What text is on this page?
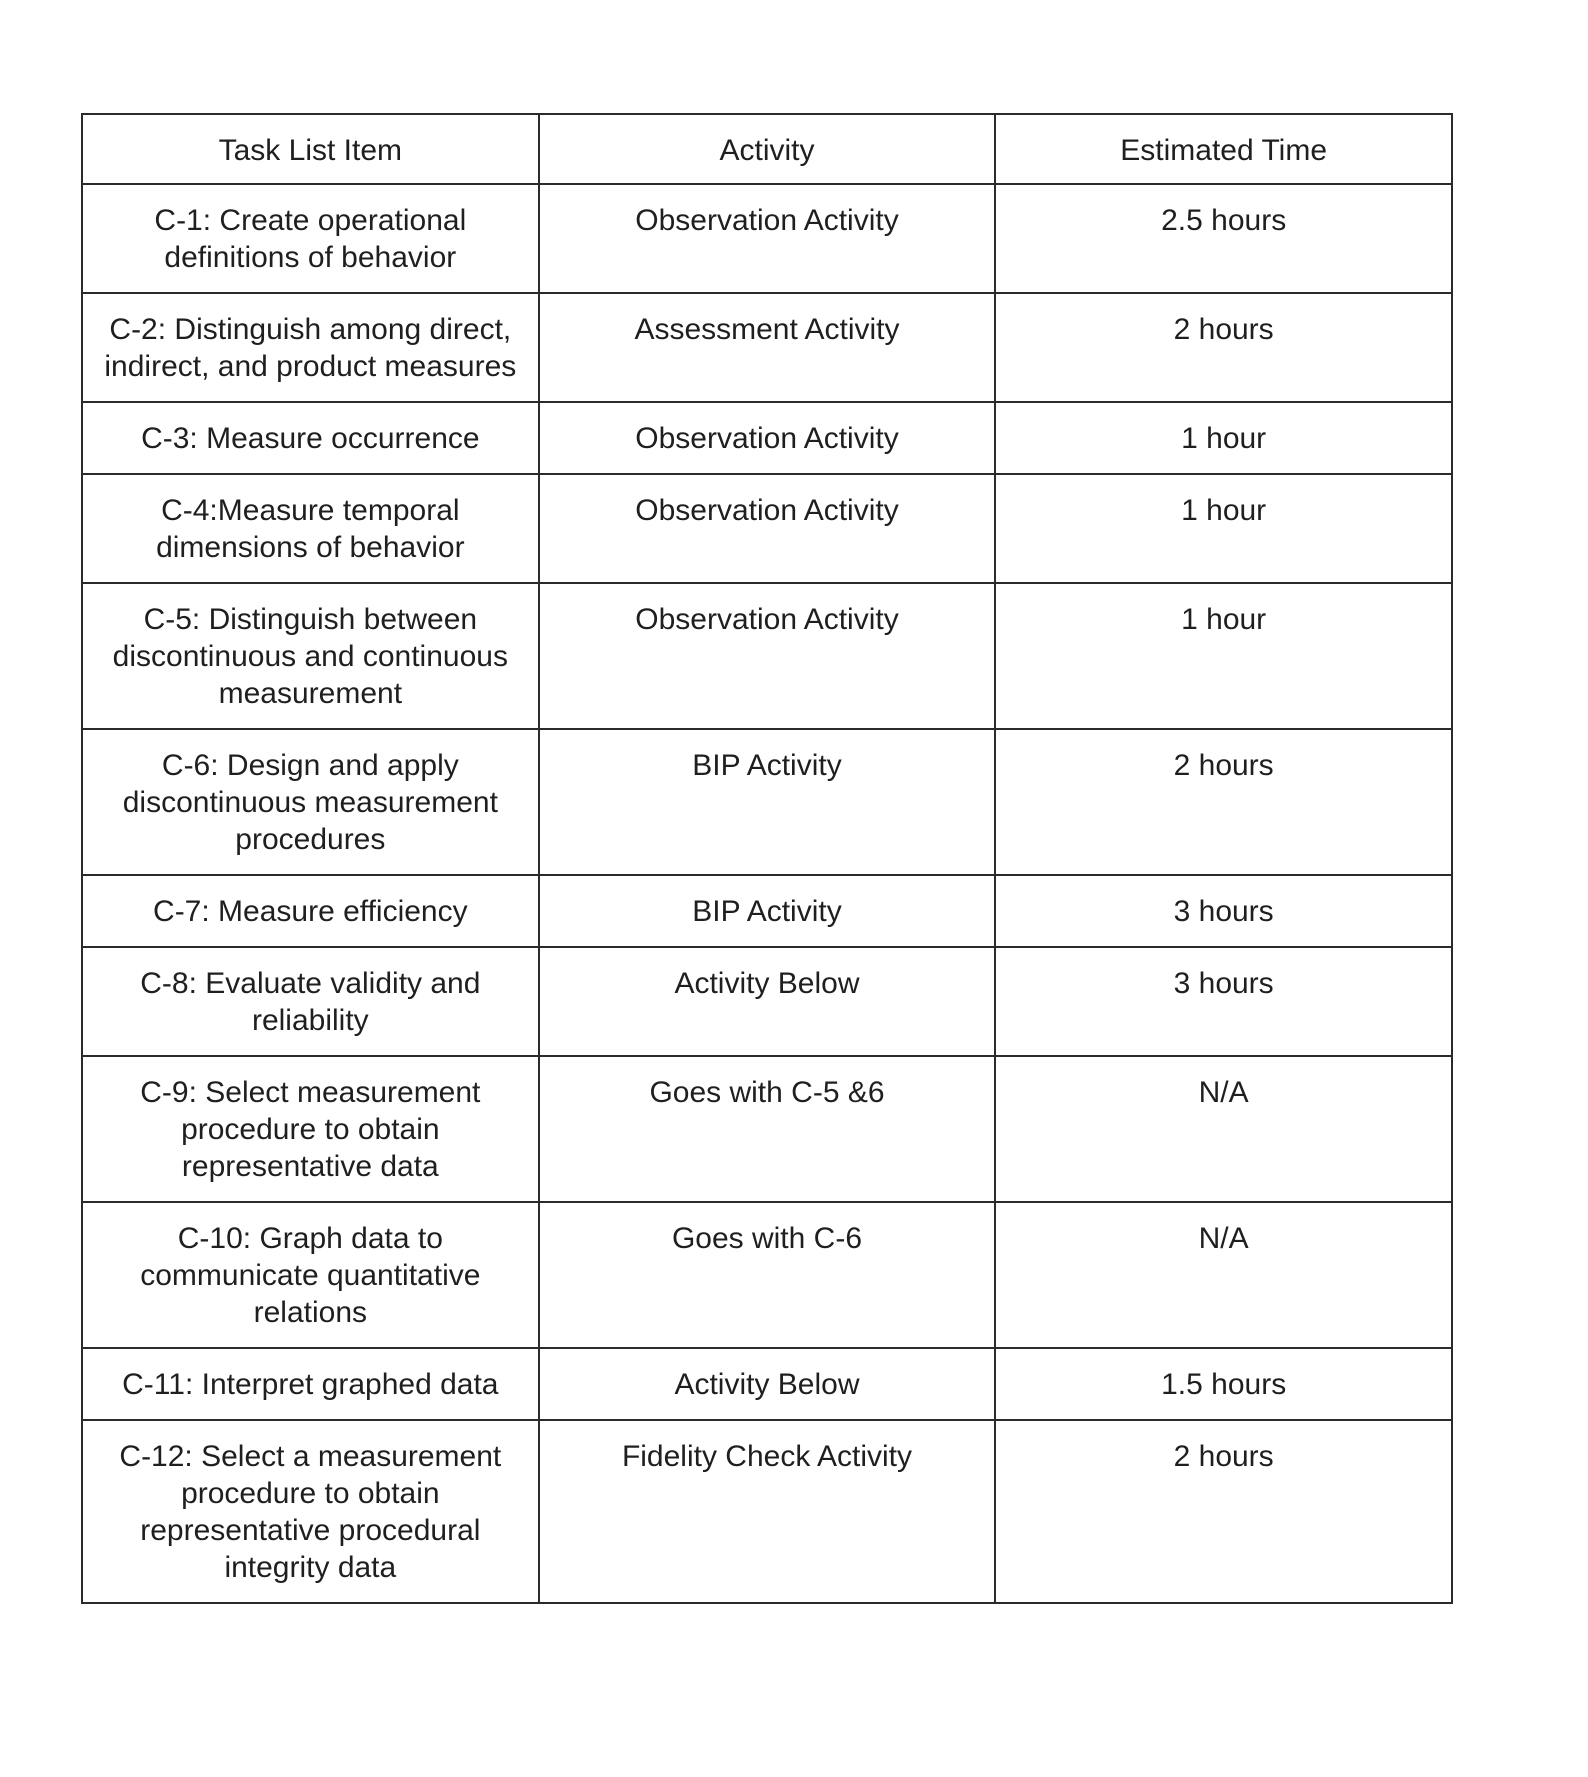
Task List Item	Activity	Estimated Time
C-1: Create operational definitions of behavior	Observation Activity	2.5 hours
C-2: Distinguish among direct, indirect, and product measures	Assessment Activity	2 hours
C-3: Measure occurrence	Observation Activity	1 hour
C-4:Measure temporal dimensions of behavior	Observation Activity	1 hour
C-5: Distinguish between discontinuous and continuous measurement	Observation Activity	1 hour
C-6: Design and apply discontinuous measurement procedures	BIP Activity	2 hours
C-7: Measure efficiency	BIP Activity	3 hours
C-8: Evaluate validity and reliability	Activity Below	3 hours
C-9: Select measurement procedure to obtain representative data	Goes with C-5 &6	N/A
C-10: Graph data to communicate quantitative relations	Goes with C-6	N/A
C-11: Interpret graphed data	Activity Below	1.5 hours
C-12: Select a measurement procedure to obtain representative procedural integrity data	Fidelity Check Activity	2 hours
